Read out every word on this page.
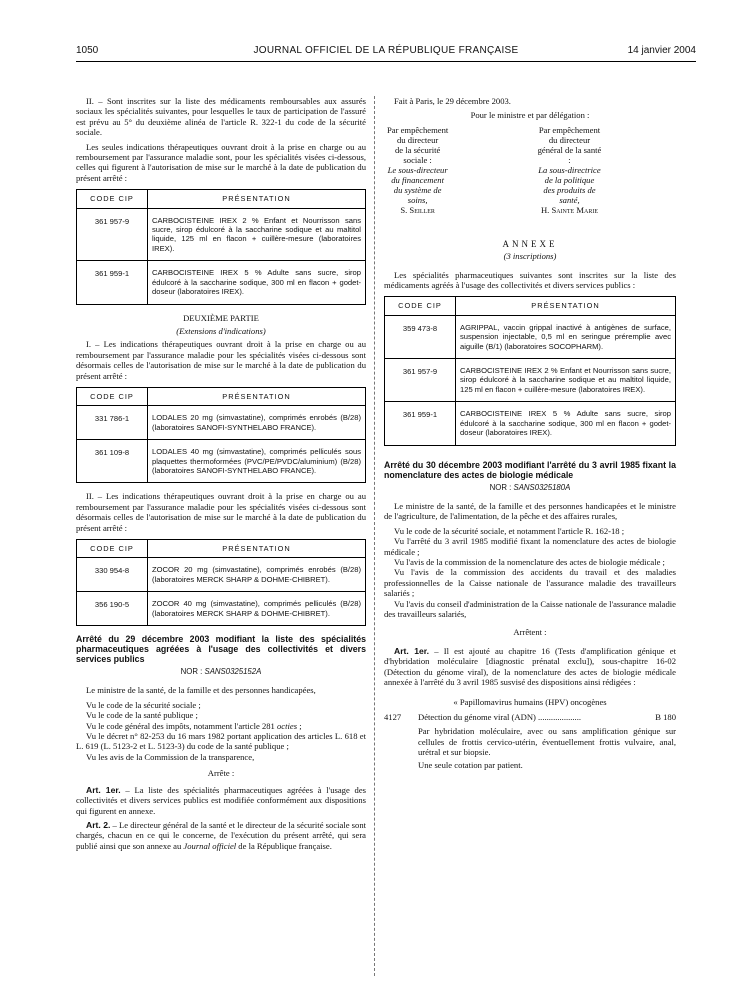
1050	JOURNAL OFFICIEL DE LA RÉPUBLIQUE FRANÇAISE	14 janvier 2004

II. – Sont inscrites sur la liste des médicaments remboursables aux assurés sociaux les spécialités suivantes, pour lesquelles le taux de participation de l'assuré est prévu au 5° du deuxième alinéa de l'article R. 322-1 du code de la sécurité sociale.

Les seules indications thérapeutiques ouvrant droit à la prise en charge ou au remboursement par l'assurance maladie sont, pour les spécialités visées ci-dessous, celles qui figurent à l'autorisation de mise sur le marché à la date de publication du présent arrêté :

CODE CIP	PRÉSENTATION
361 957-9	CARBOCISTEINE IREX 2 % Enfant et Nourrisson sans sucre, sirop édulcoré à la saccharine sodique et au maltitol liquide, 125 ml en flacon + cuillère-mesure (laboratoires IREX).
361 959-1	CARBOCISTEINE IREX 5 % Adulte sans sucre, sirop édulcoré à la saccharine sodique, 300 ml en flacon + godet-doseur (laboratoires IREX).
DEUXIÈME PARTIE
(Extensions d'indications)

I. – Les indications thérapeutiques ouvrant droit à la prise en charge ou au remboursement par l'assurance maladie pour les spécialités visées ci-dessous sont désormais celles de l'autorisation de mise sur le marché à la date de publication du présent arrêté :

CODE CIP	PRÉSENTATION
331 786-1	LODALES 20 mg (simvastatine), comprimés enrobés (B/28) (laboratoires SANOFI-SYNTHELABO FRANCE).
361 109-8	LODALES 40 mg (simvastatine), comprimés pelliculés sous plaquettes thermoformées (PVC/PE/PVDC/aluminium) (B/28) (laboratoires SANOFI-SYNTHELABO FRANCE).

II. – Les indications thérapeutiques ouvrant droit à la prise en charge ou au remboursement par l'assurance maladie pour les spécialités visées ci-dessous sont désormais celles de l'autorisation de mise sur le marché à la date de publication du présent arrêté :

CODE CIP	PRÉSENTATION
330 954-8	ZOCOR 20 mg (simvastatine), comprimés enrobés (B/28) (laboratoires MERCK SHARP & DOHME-CHIBRET).
356 190-5	ZOCOR 40 mg (simvastatine), comprimés pelliculés (B/28) (laboratoires MERCK SHARP & DOHME-CHIBRET).
Arrêté du 29 décembre 2003 modifiant la liste des spécialités pharmaceutiques agréées à l'usage des collectivités et divers services publics
NOR : SANS0325152A

Le ministre de la santé, de la famille et des personnes handicapées,

Vu le code de la sécurité sociale ;

Vu le code de la santé publique ;

Vu le code général des impôts, notamment l'article 281 octies ;

Vu le décret n° 82-253 du 16 mars 1982 portant application des articles L. 618 et L. 619 (L. 5123-2 et L. 5123-3) du code de la santé publique ;

Vu les avis de la Commission de la transparence,

Arrête :

Art. 1er. – La liste des spécialités pharmaceutiques agréées à l'usage des collectivités et divers services publics est modifiée conformément aux dispositions qui figurent en annexe.

Art. 2. – Le directeur général de la santé et le directeur de la sécurité sociale sont chargés, chacun en ce qui le concerne, de l'exécution du présent arrêté, qui sera publié ainsi que son annexe au Journal officiel de la République française.

Fait à Paris, le 29 décembre 2003.

Pour le ministre et par délégation :

Par empêchement du directeur
de la sécurité sociale :
Le sous-directeur
du financement
du système de soins,
S. Seiller
Par empêchement
du directeur général de la santé :
La sous-directrice
de la politique
des produits de santé,
H. Sainte Marie
ANNEXE
(3 inscriptions)

Les spécialités pharmaceutiques suivantes sont inscrites sur la liste des médicaments agréés à l'usage des collectivités et divers services publics :

CODE CIP	PRÉSENTATION
359 473-8	AGRIPPAL, vaccin grippal inactivé à antigènes de surface, suspension injectable, 0,5 ml en seringue préremplie avec aiguille (B/1) (laboratoires SOCOPHARM).
361 957-9	CARBOCISTEINE IREX 2 % Enfant et Nourrisson sans sucre, sirop édulcoré à la saccharine sodique et au maltitol liquide, 125 ml en flacon + cuillère-mesure (laboratoires IREX).
361 959-1	CARBOCISTEINE IREX 5 % Adulte sans sucre, sirop édulcoré à la saccharine sodique, 300 ml en flacon + godet-doseur (laboratoires IREX).
Arrêté du 30 décembre 2003 modifiant l'arrêté du 3 avril 1985 fixant la nomenclature des actes de biologie médicale
NOR : SANS0325180A

Le ministre de la santé, de la famille et des personnes handicapées et le ministre de l'agriculture, de l'alimentation, de la pêche et des affaires rurales,

Vu le code de la sécurité sociale, et notamment l'article R. 162-18 ;

Vu l'arrêté du 3 avril 1985 modifié fixant la nomenclature des actes de biologie médicale ;

Vu l'avis de la commission de la nomenclature des actes de biologie médicale ;

Vu l'avis de la commission des accidents du travail et des maladies professionnelles de la Caisse nationale de l'assurance maladie des travailleurs salariés ;

Vu l'avis du conseil d'administration de la Caisse nationale de l'assurance maladie des travailleurs salariés,

Arrêtent :

Art. 1er. – Il est ajouté au chapitre 16 (Tests d'amplification génique et d'hybridation moléculaire [diagnostic prénatal exclu]), sous-chapitre 16-02 (Détection du génome viral), de la nomenclature des actes de biologie médicale annexée à l'arrêté du 3 avril 1985 susvisé des dispositions ainsi rédigées :

« Papillomavirus humains (HPV) oncogènes
4127	Détection du génome viral (ADN) ....................	B 180
Par hybridation moléculaire, avec ou sans amplification génique sur cellules de frottis cervico-utérin, éventuellement frottis vulvaire, anal, urétral et sur biopsie.
Une seule cotation par patient.
